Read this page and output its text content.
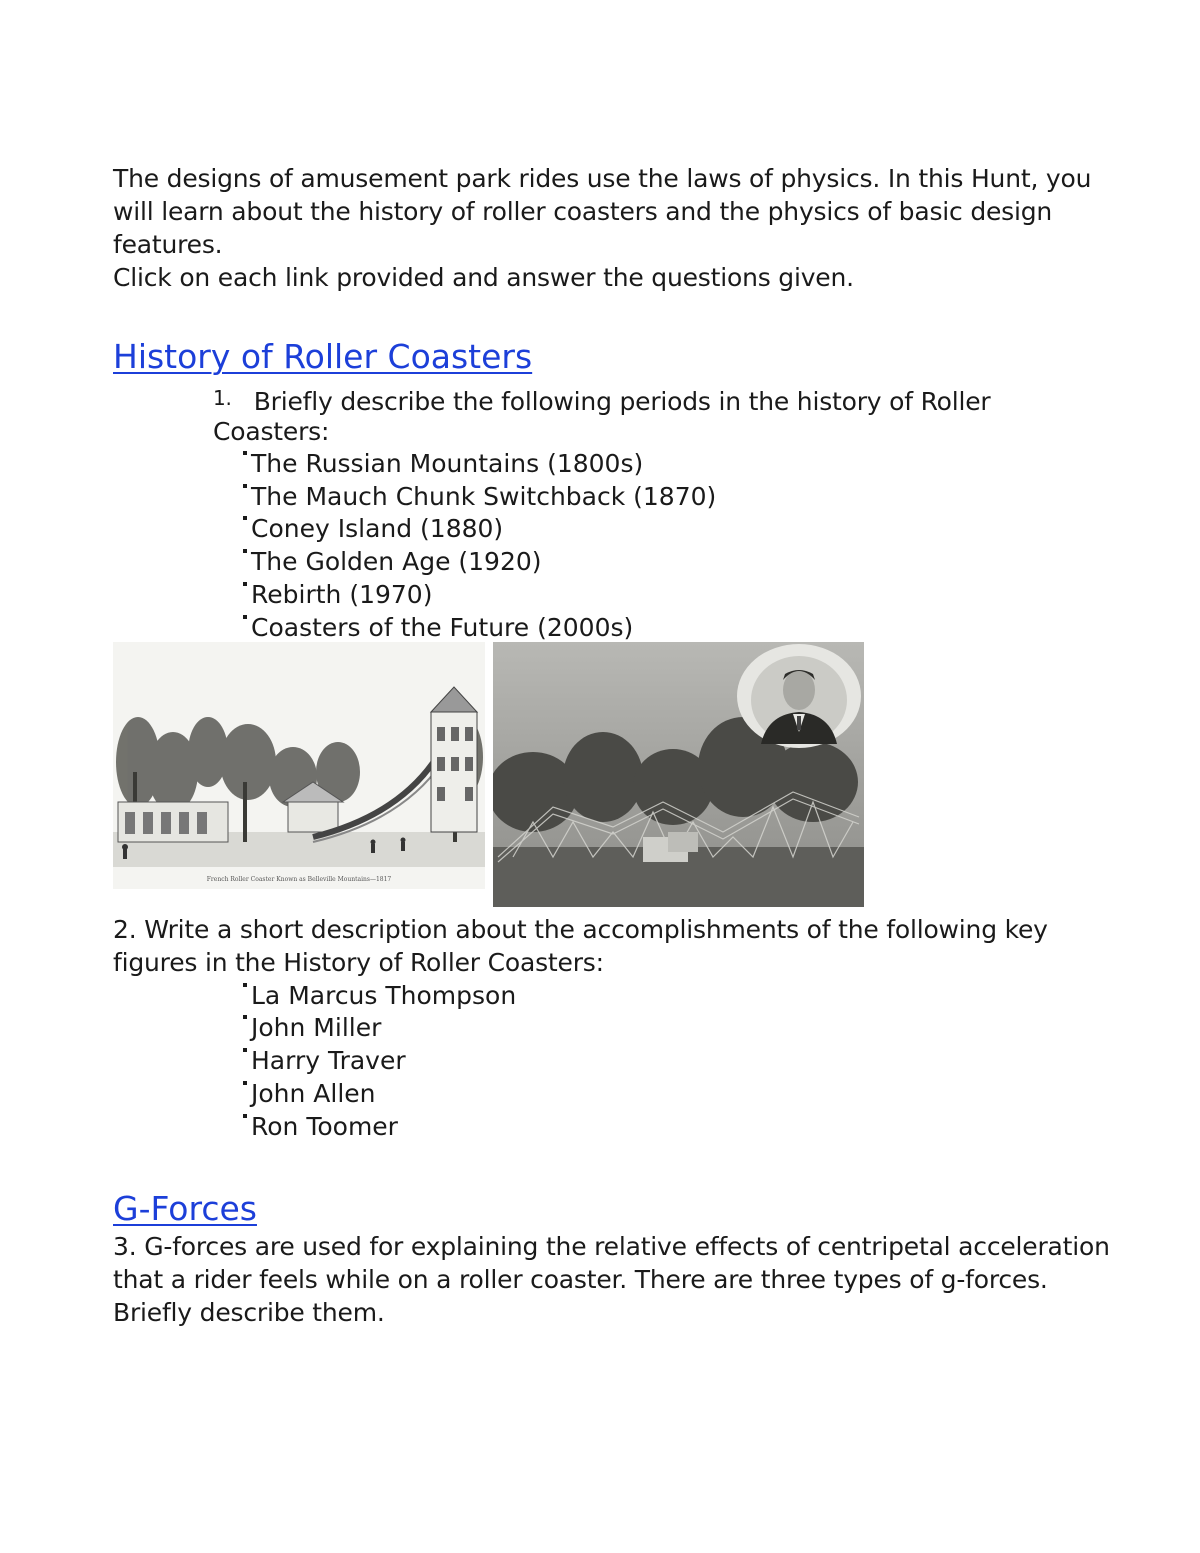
The designs of amusement park rides use the laws of physics. In this Hunt, you
will learn about the history of roller coasters and the physics of basic design
features.
Click on each link provided and answer the questions given.
History of Roller Coasters
$^{1.}$ Briefly describe the following periods in the history of Roller
Coasters:
The Russian Mountains (1800s)
The Mauch Chunk Switchback (1870)
Coney Island (1880)
The Golden Age (1920)
Rebirth (1970)
Coasters of the Future (2000s)
French Roller Coaster Known as Belleville Mountains—1817
2. Write a short description about the accomplishments of the following key
figures in the History of Roller Coasters:
La Marcus Thompson
John Miller
Harry Traver
John Allen
Ron Toomer
G-Forces
3. G-forces are used for explaining the relative effects of centripetal acceleration
that a rider feels while on a roller coaster. There are three types of g-forces.
Briefly describe them.
